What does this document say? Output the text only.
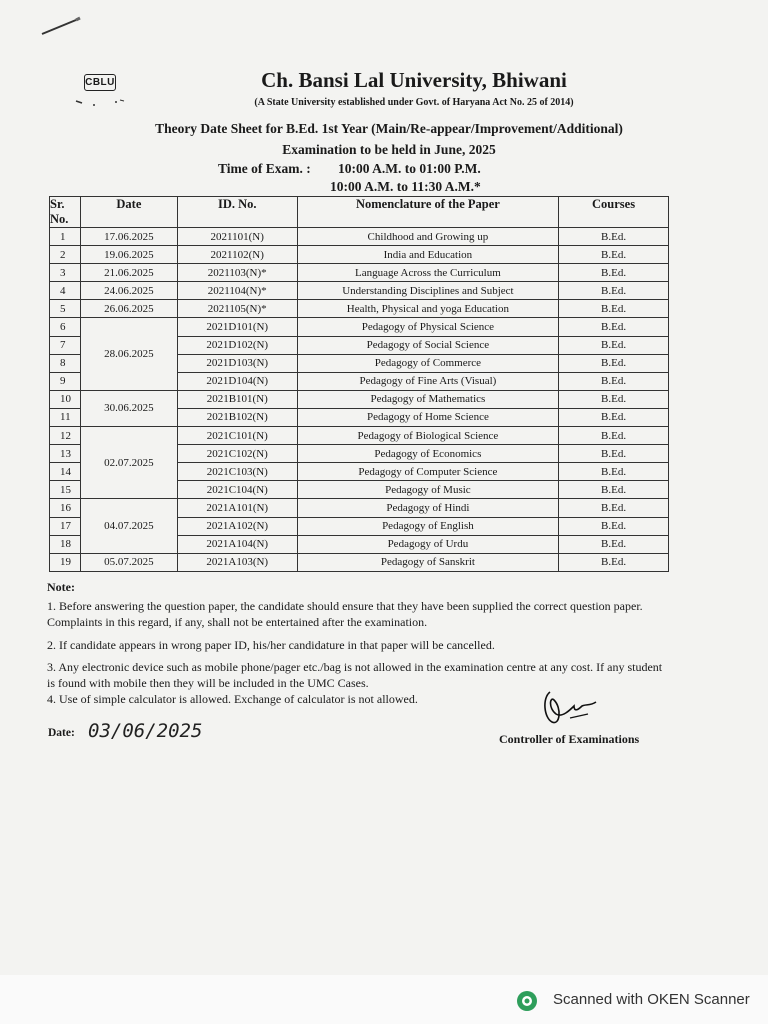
CBLU	Ch. Bansi Lal University, Bhiwani
(A State University established under Govt. of Haryana Act No. 25 of 2014)
Theory Date Sheet for B.Ed. 1st Year (Main/Re-appear/Improvement/Additional)
Examination to be held in June, 2025
Time of Exam. : 10:00 A.M. to 01:00 P.M.
10:00 A.M. to 11:30 A.M.*
Sr. No.	Date	ID. No.	Nomenclature of the Paper	Courses
1	17.06.2025	2021101(N)	Childhood and Growing up	B.Ed.
2	19.06.2025	2021102(N)	India and Education	B.Ed.
3	21.06.2025	2021103(N)*	Language Across the Curriculum	B.Ed.
4	24.06.2025	2021104(N)*	Understanding Disciplines and Subject	B.Ed.
5	26.06.2025	2021105(N)*	Health, Physical and yoga Education	B.Ed.
6	28.06.2025	2021D101(N)	Pedagogy of Physical Science	B.Ed.
7		2021D102(N)	Pedagogy of Social Science	B.Ed.
8		2021D103(N)	Pedagogy of Commerce	B.Ed.
9		2021D104(N)	Pedagogy of Fine Arts (Visual)	B.Ed.
10	30.06.2025	2021B101(N)	Pedagogy of Mathematics	B.Ed.
11		2021B102(N)	Pedagogy of Home Science	B.Ed.
12	02.07.2025	2021C101(N)	Pedagogy of Biological Science	B.Ed.
13		2021C102(N)	Pedagogy of Economics	B.Ed.
14		2021C103(N)	Pedagogy of Computer Science	B.Ed.
15		2021C104(N)	Pedagogy of Music	B.Ed.
16	04.07.2025	2021A101(N)	Pedagogy of Hindi	B.Ed.
17		2021A102(N)	Pedagogy of English	B.Ed.
18		2021A104(N)	Pedagogy of Urdu	B.Ed.
19	05.07.2025	2021A103(N)	Pedagogy of Sanskrit	B.Ed.
Note:
1. Before answering the question paper, the candidate should ensure that they have been supplied the correct question paper. Complaints in this regard, if any, shall not be entertained after the examination.
2. If candidate appears in wrong paper ID, his/her candidature in that paper will be cancelled.
3. Any electronic device such as mobile phone/pager etc./bag is not allowed in the examination centre at any cost. If any student is found with mobile then they will be included in the UMC Cases.
4. Use of simple calculator is allowed. Exchange of calculator is not allowed.
Date: 03/06/2025	Controller of Examinations
Scanned with OKEN Scanner
